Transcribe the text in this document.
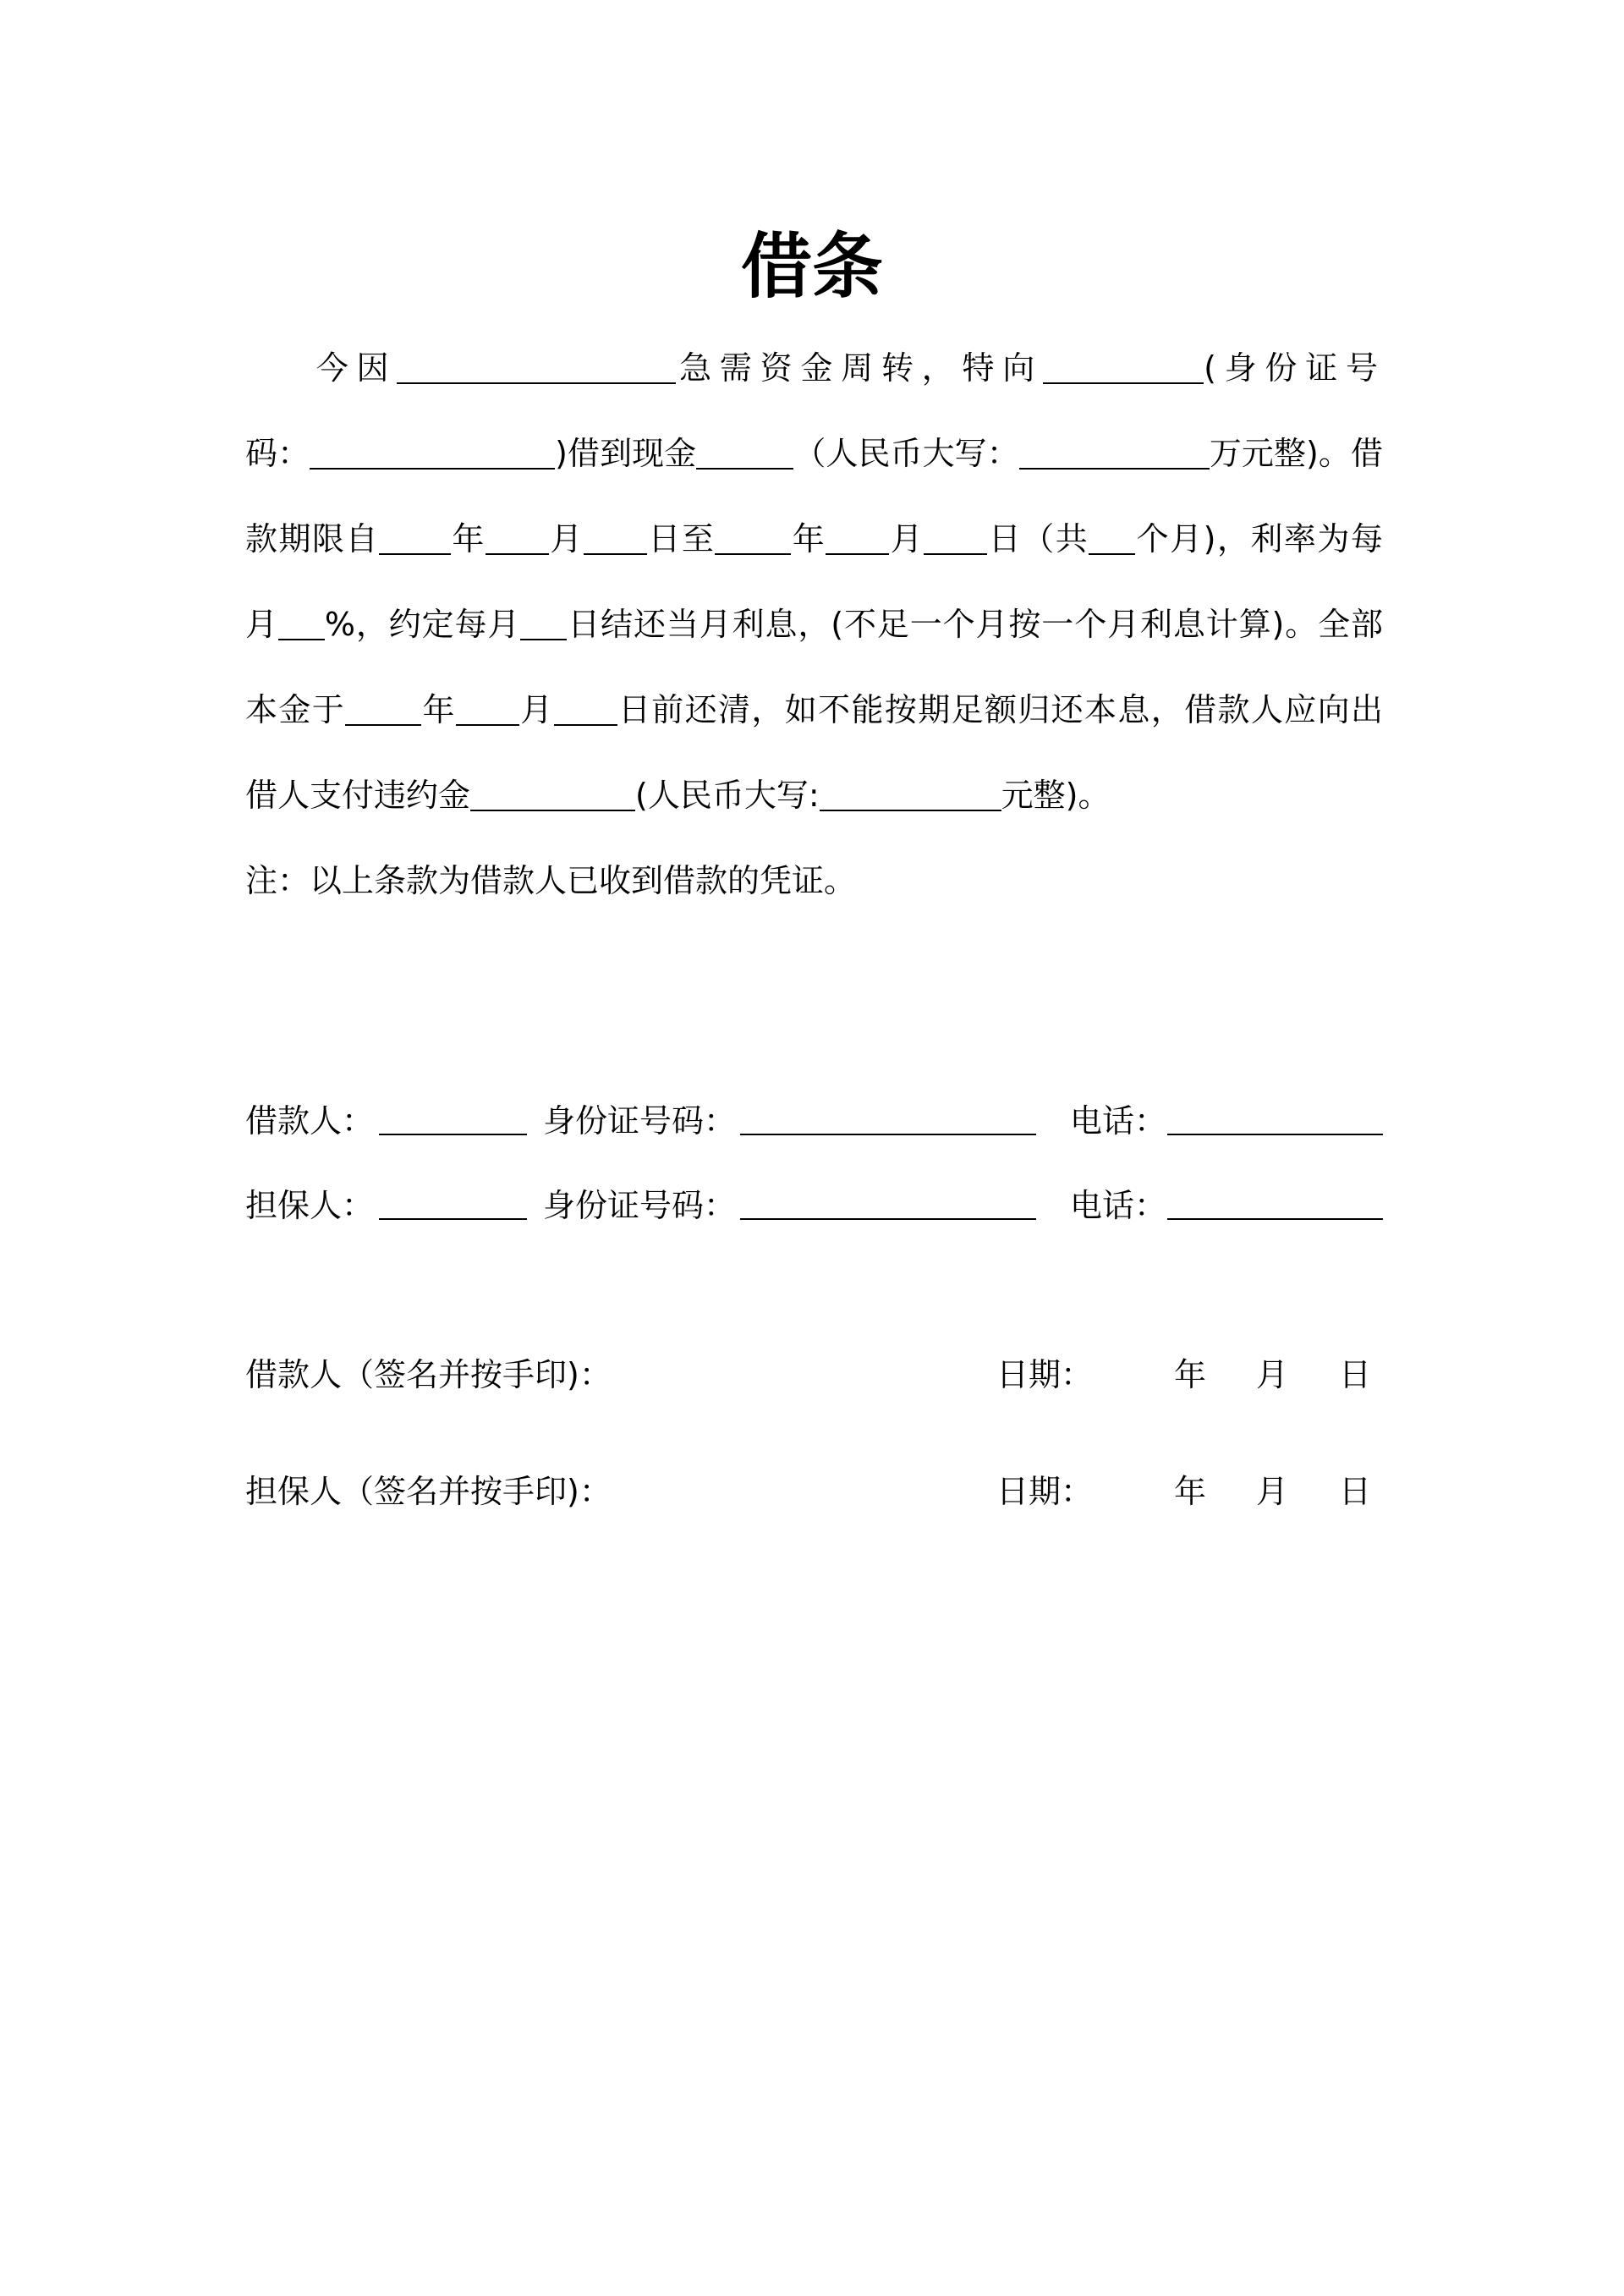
借条
今因	急需资金周转，特向	(身份证号
码：	)借到现金	（人民币大写：	万元整)。借
款期限自 年 月 日至 年 月 日（共 个月)，利率为每
月 %，约定每月 日结还当月利息，(不足一个月按一个月利息计算)。全部
本金于 年 月 日前还清，如不能按期足额归还本息，借款人应向出
借人支付违约金	(人民币大写:	元整)。
注：以上条款为借款人已收到借款的凭证。
借款人：	身份证号码：	电话：
担保人：	身份证号码：	电话：
借款人（签名并按手印)：	日期：	年 月 日
担保人（签名并按手印)：	日期：	年 月 日
